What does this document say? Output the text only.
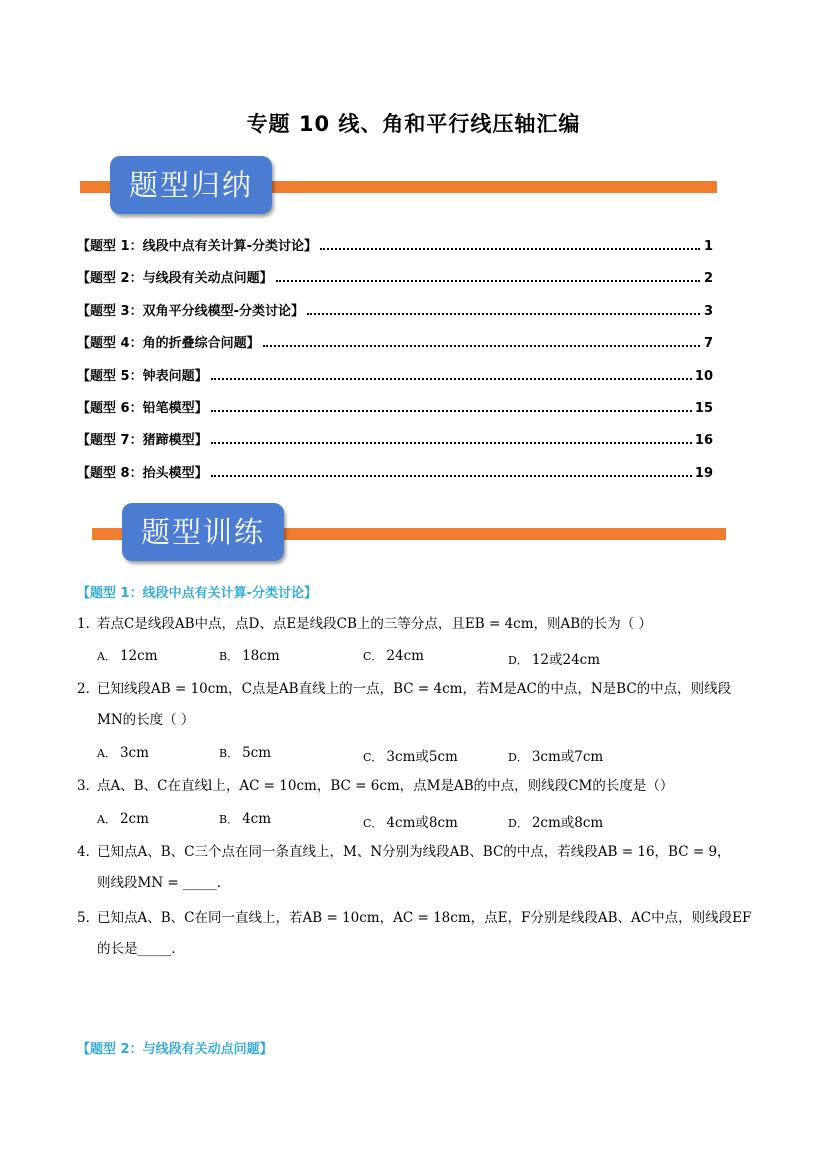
专题 10 线、角和平行线压轴汇编
题型归纳
【题型 1：线段中点有关计算-分类讨论】	1
【题型 2：与线段有关动点问题】	2
【题型 3：双角平分线模型-分类讨论】	3
【题型 4：角的折叠综合问题】	7
【题型 5：钟表问题】	10
【题型 6：铅笔模型】	15
【题型 7：猪蹄模型】	16
【题型 8：抬头模型】	19
题型训练
【题型 1：线段中点有关计算-分类讨论】
1．若点C是线段AB中点，点D、点E是线段CB上的三等分点，且EB = 4cm，则AB的长为（ ）
A． 12cm	B． 18cm	C． 24cm	D． 12或24cm
2．已知线段AB = 10cm，C点是AB直线上的一点，BC = 4cm，若M是AC的中点，N是BC的中点，则线段
MN的长度（ ）
A． 3cm	B． 5cm	C． 3cm或5cm	D． 3cm或7cm
3．点A、B、C在直线l上，AC = 10cm，BC = 6cm，点M是AB的中点，则线段CM的长度是（）
A． 2cm	B． 4cm	C． 4cm或8cm	D． 2cm或8cm
4．已知点A、B、C三个点在同一条直线上，M、N分别为线段AB、BC的中点，若线段AB = 16，BC = 9，
则线段MN = _____．
5．已知点A、B、C在同一直线上，若AB = 10cm，AC = 18cm，点E，F分别是线段AB、AC中点，则线段EF
的长是_____．
【题型 2：与线段有关动点问题】
